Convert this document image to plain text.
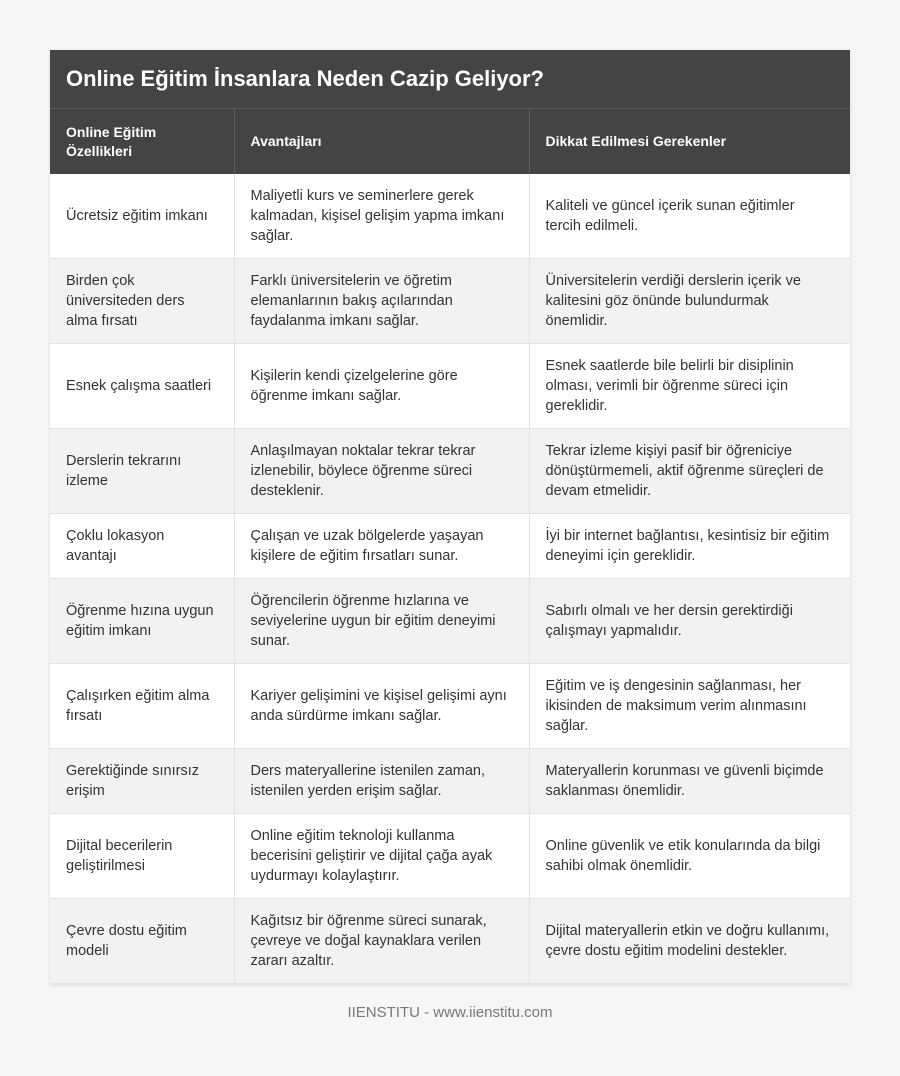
Online Eğitim İnsanlara Neden Cazip Geliyor?
Online Eğitim Özellikleri	Avantajları	Dikkat Edilmesi Gerekenler
Ücretsiz eğitim imkanı	Maliyetli kurs ve seminerlere gerek kalmadan, kişisel gelişim yapma imkanı sağlar.	Kaliteli ve güncel içerik sunan eğitimler tercih edilmeli.
Birden çok üniversiteden ders alma fırsatı	Farklı üniversitelerin ve öğretim elemanlarının bakış açılarından faydalanma imkanı sağlar.	Üniversitelerin verdiği derslerin içerik ve kalitesini göz önünde bulundurmak önemlidir.
Esnek çalışma saatleri	Kişilerin kendi çizelgelerine göre öğrenme imkanı sağlar.	Esnek saatlerde bile belirli bir disiplinin olması, verimli bir öğrenme süreci için gereklidir.
Derslerin tekrarını izleme	Anlaşılmayan noktalar tekrar tekrar izlenebilir, böylece öğrenme süreci desteklenir.	Tekrar izleme kişiyi pasif bir öğreniciye dönüştürmemeli, aktif öğrenme süreçleri de devam etmelidir.
Çoklu lokasyon avantajı	Çalışan ve uzak bölgelerde yaşayan kişilere de eğitim fırsatları sunar.	İyi bir internet bağlantısı, kesintisiz bir eğitim deneyimi için gereklidir.
Öğrenme hızına uygun eğitim imkanı	Öğrencilerin öğrenme hızlarına ve seviyelerine uygun bir eğitim deneyimi sunar.	Sabırlı olmalı ve her dersin gerektirdiği çalışmayı yapmalıdır.
Çalışırken eğitim alma fırsatı	Kariyer gelişimini ve kişisel gelişimi aynı anda sürdürme imkanı sağlar.	Eğitim ve iş dengesinin sağlanması, her ikisinden de maksimum verim alınmasını sağlar.
Gerektiğinde sınırsız erişim	Ders materyallerine istenilen zaman, istenilen yerden erişim sağlar.	Materyallerin korunması ve güvenli biçimde saklanması önemlidir.
Dijital becerilerin geliştirilmesi	Online eğitim teknoloji kullanma becerisini geliştirir ve dijital çağa ayak uydurmayı kolaylaştırır.	Online güvenlik ve etik konularında da bilgi sahibi olmak önemlidir.
Çevre dostu eğitim modeli	Kağıtsız bir öğrenme süreci sunarak, çevreye ve doğal kaynaklara verilen zararı azaltır.	Dijital materyallerin etkin ve doğru kullanımı, çevre dostu eğitim modelini destekler.
IIENSTITU - www.iienstitu.com
